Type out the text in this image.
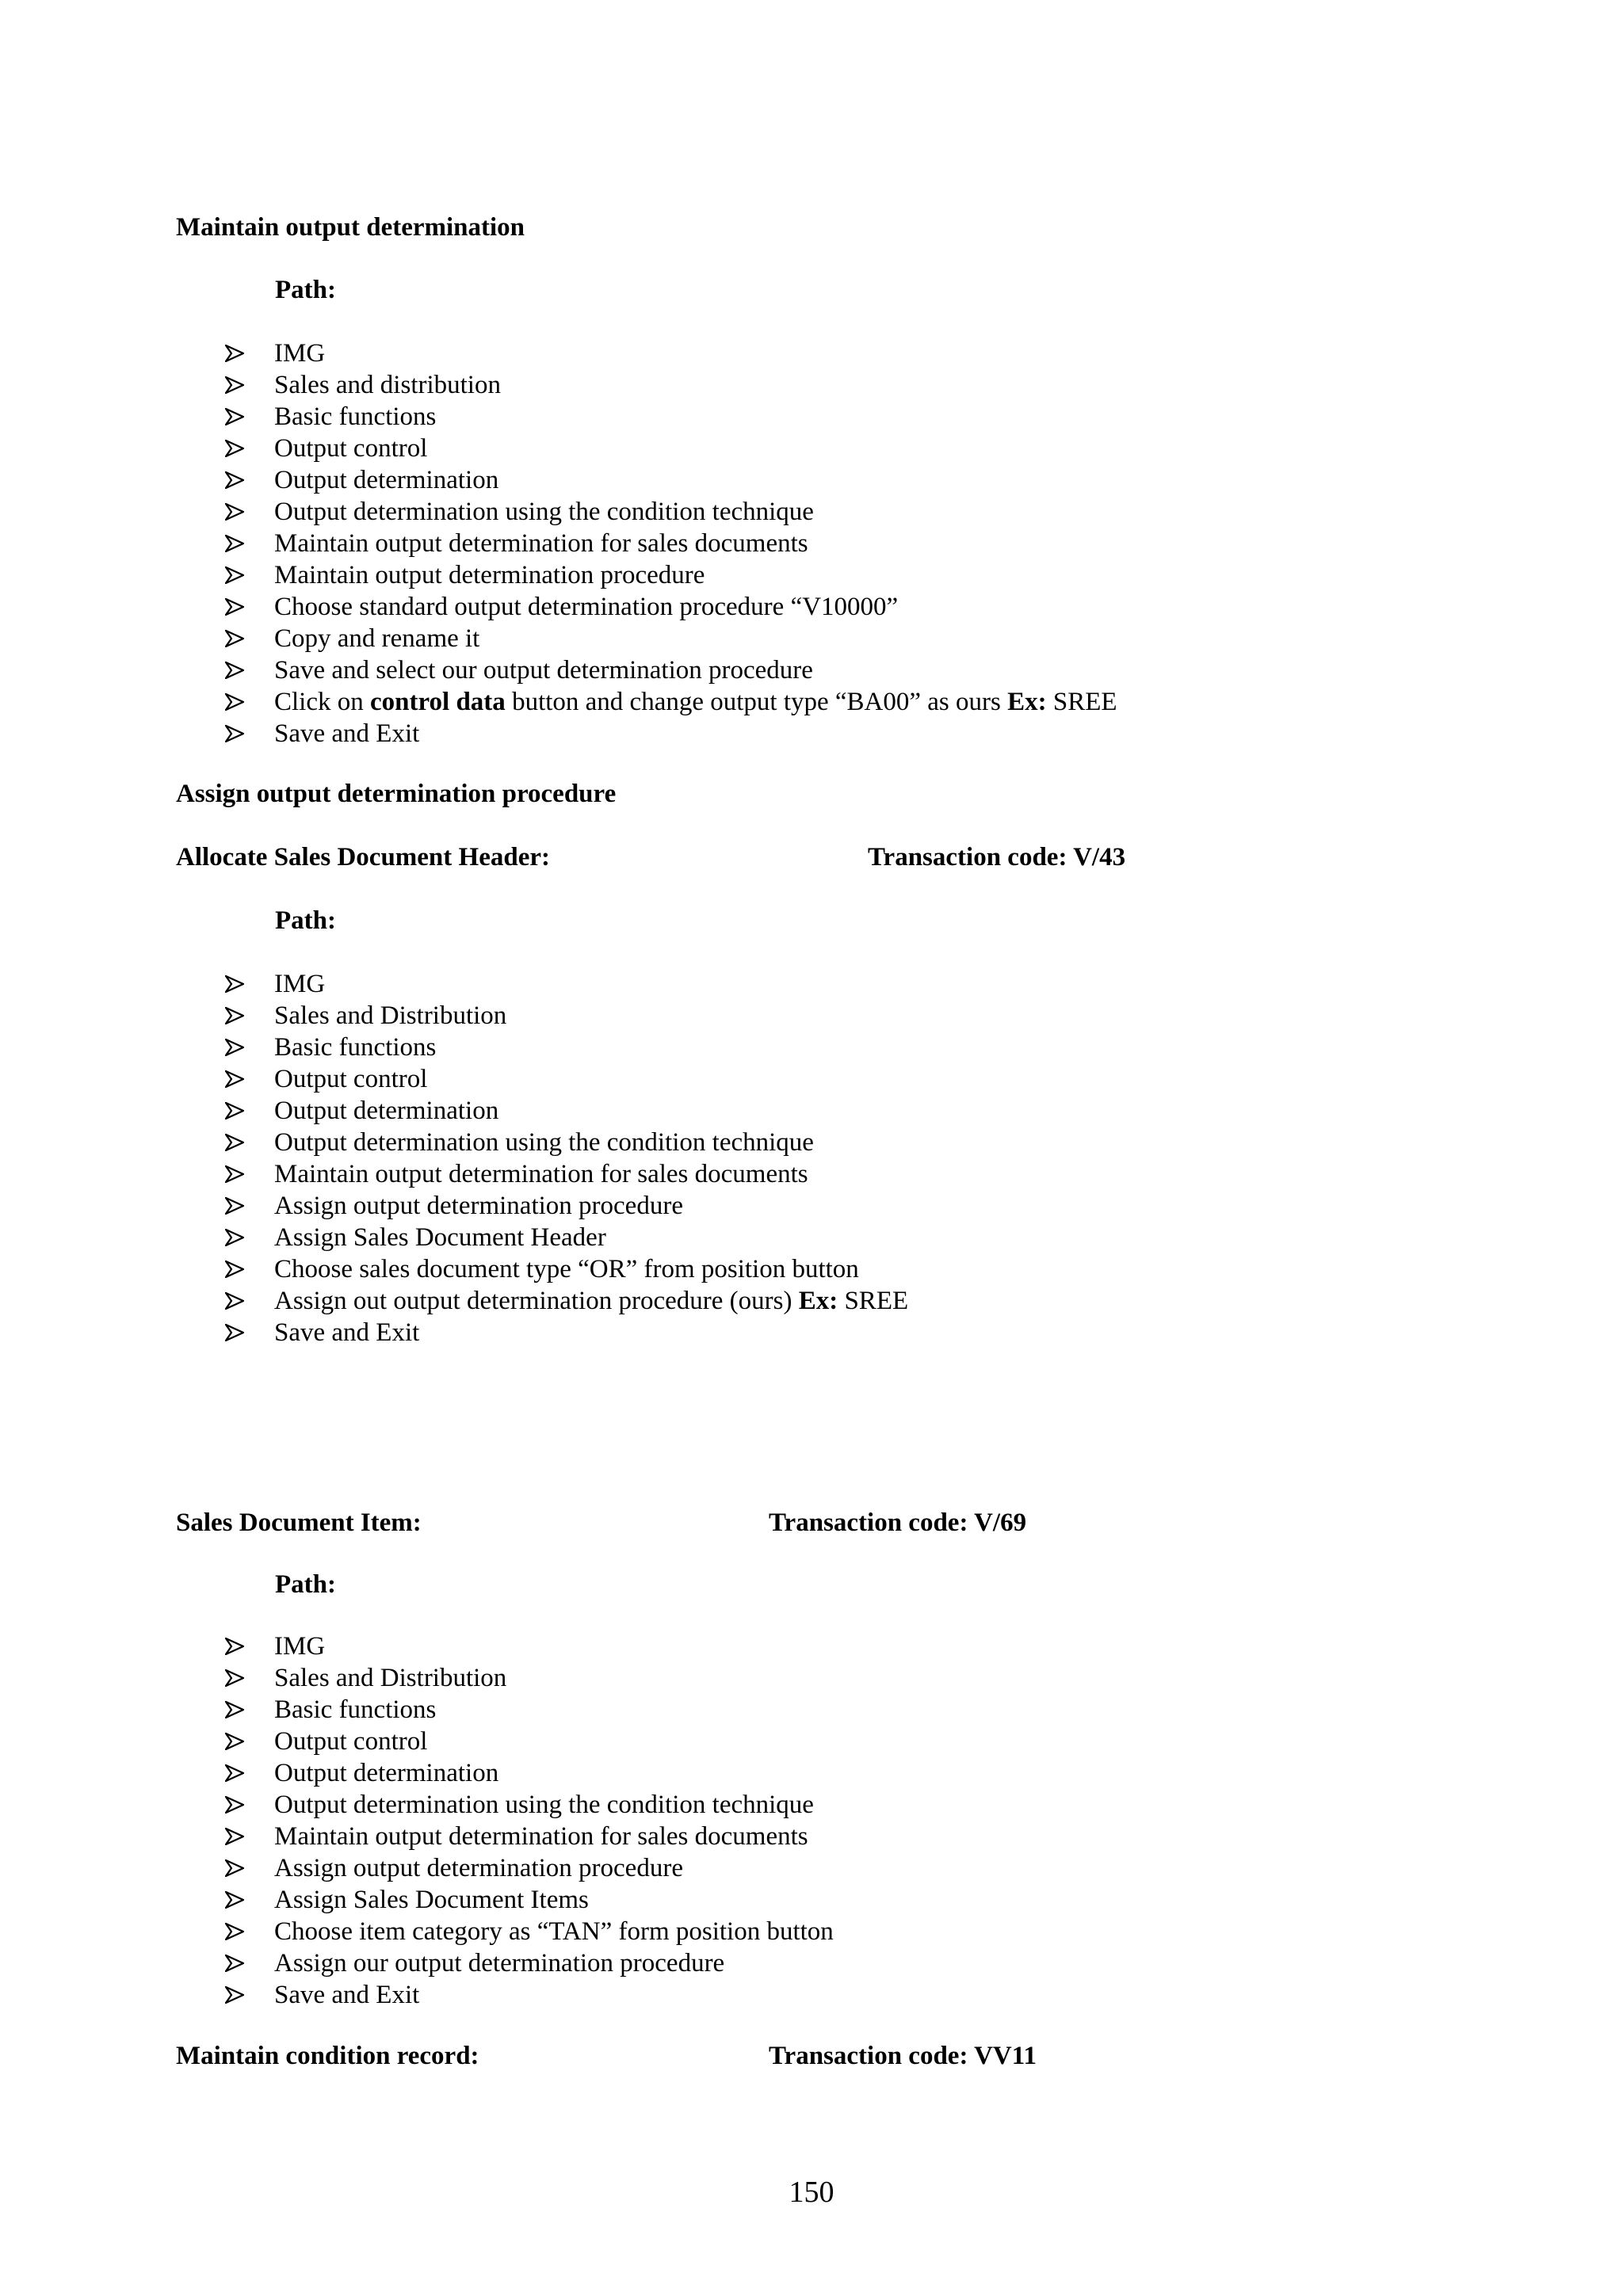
Maintain output determination
Path:
IMG
Sales and distribution
Basic functions
Output control
Output determination
Output determination using the condition technique
Maintain output determination for sales documents
Maintain output determination procedure
Choose standard output determination procedure “V10000”
Copy and rename it
Save and select our output determination procedure
Click on control data button and change output type “BA00” as ours Ex: SREE
Save and Exit
Assign output determination procedure
Allocate Sales Document Header:	Transaction code: V/43
Path:
IMG
Sales and Distribution
Basic functions
Output control
Output determination
Output determination using the condition technique
Maintain output determination for sales documents
Assign output determination procedure
Assign Sales Document Header
Choose sales document type “OR” from position button
Assign out output determination procedure (ours) Ex: SREE
Save and Exit
Sales Document Item:	Transaction code: V/69
Path:
IMG
Sales and Distribution
Basic functions
Output control
Output determination
Output determination using the condition technique
Maintain output determination for sales documents
Assign output determination procedure
Assign Sales Document Items
Choose item category as “TAN” form position button
Assign our output determination procedure
Save and Exit
Maintain condition record:	Transaction code: VV11
150
